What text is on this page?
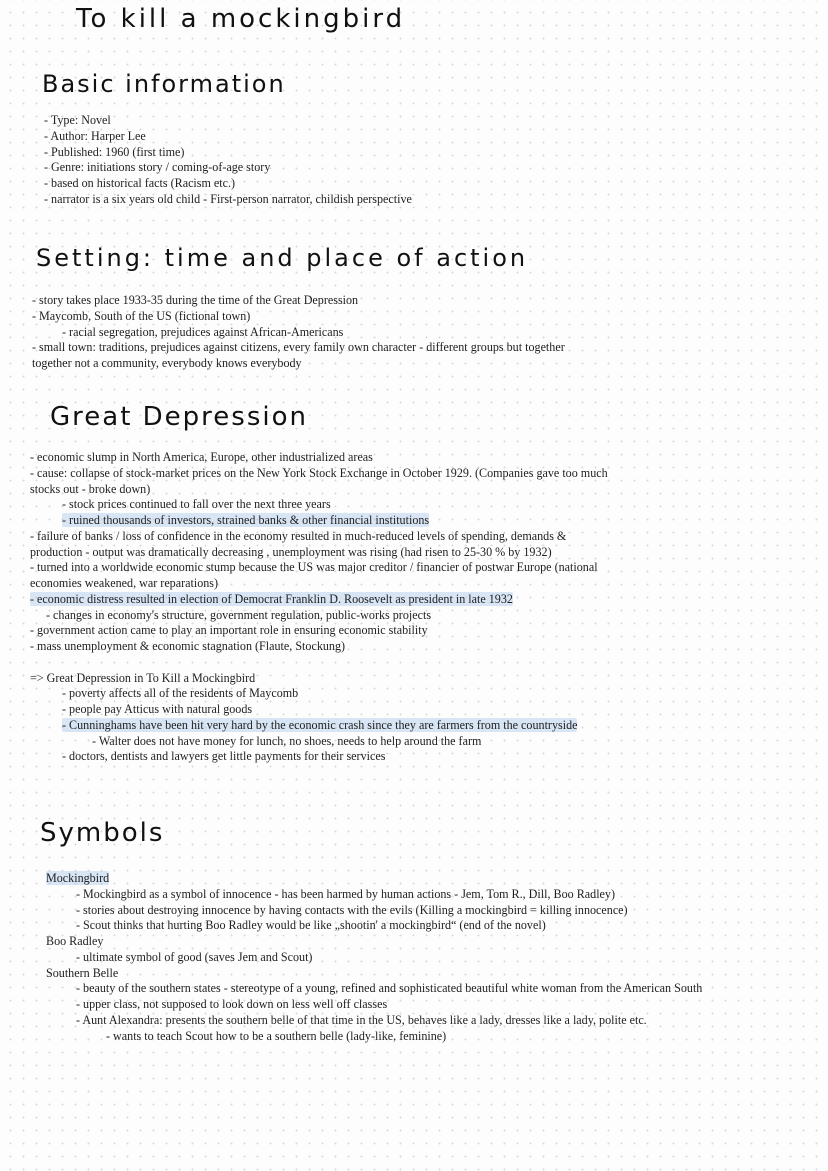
To kill a mockingbird
Basic information
- Type: Novel
- Author: Harper Lee
- Published: 1960 (first time)
- Genre: initiations story / coming-of-age story
- based on historical facts (Racism etc.)
- narrator is a six years old child - First-person narrator, childish perspective
Setting: time and place of action
- story takes place 1933-35 during the time of the Great Depression
- Maycomb, South of the US (fictional town)
- racial segregation, prejudices against African-Americans
- small town: traditions, prejudices against citizens, every family own character - different groups but together
together not a community, everybody knows everybody
Great Depression
- economic slump in North America, Europe, other industrialized areas
- cause: collapse of stock-market prices on the New York Stock Exchange in October 1929. (Companies gave too much
stocks out - broke down)
- stock prices continued to fall over the next three years
- ruined thousands of investors, strained banks & other financial institutions
- failure of banks / loss of confidence in the economy resulted in much-reduced levels of spending, demands &
production - output was dramatically decreasing , unemployment was rising (had risen to 25-30 % by 1932)
- turned into a worldwide economic stump because the US was major creditor / financier of postwar Europe (national
economies weakened, war reparations)
- economic distress resulted in election of Democrat Franklin D. Roosevelt as president in late 1932
- changes in economy's structure, government regulation, public-works projects
- government action came to play an important role in ensuring economic stability
- mass unemployment & economic stagnation (Flaute, Stockung)
=> Great Depression in To Kill a Mockingbird
- poverty affects all of the residents of Maycomb
- people pay Atticus with natural goods
- Cunninghams have been hit very hard by the economic crash since they are farmers from the countryside
- Walter does not have money for lunch, no shoes, needs to help around the farm
- doctors, dentists and lawyers get little payments for their services
Symbols
Mockingbird
- Mockingbird as a symbol of innocence - has been harmed by human actions - Jem, Tom R., Dill, Boo Radley)
- stories about destroying innocence by having contacts with the evils (Killing a mockingbird = killing innocence)
- Scout thinks that hurting Boo Radley would be like „shootin' a mockingbird“ (end of the novel)
Boo Radley
- ultimate symbol of good (saves Jem and Scout)
Southern Belle
- beauty of the southern states - stereotype of a young, refined and sophisticated beautiful white woman from the American South
- upper class, not supposed to look down on less well off classes
- Aunt Alexandra: presents the southern belle of that time in the US, behaves like a lady, dresses like a lady, polite etc.
- wants to teach Scout how to be a southern belle (lady-like, feminine)
